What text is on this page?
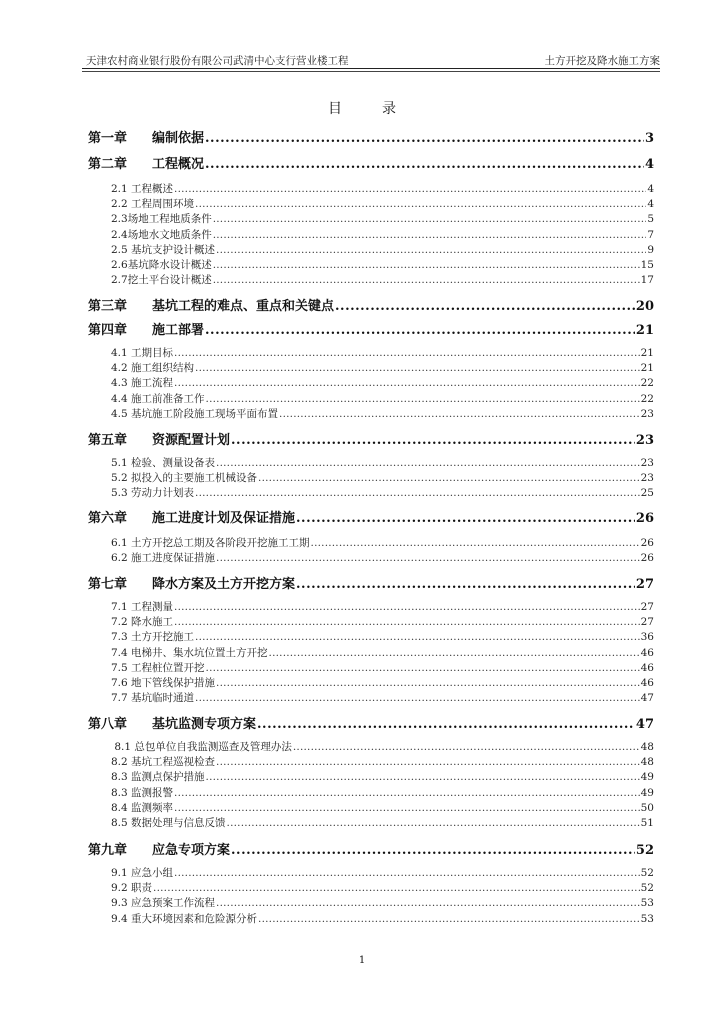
天津农村商业银行股份有限公司武清中心支行营业楼工程	土方开挖及降水施工方案
目录
第一章	编制依据 .....	3
第二章	工程概况 .....	4
2.1 工程概述 .....	4
2.2 工程周围环境 .....	4
2.3场地工程地质条件 .....	5
2.4场地水文地质条件 .....	7
2.5 基坑支护设计概述 .....	9
2.6基坑降水设计概述 .....	15
2.7挖土平台设计概述 .....	17
第三章	基坑工程的难点、重点和关键点 .....	20
第四章	施工部署 .....	21
4.1 工期目标 .....	21
4.2 施工组织结构 .....	21
4.3 施工流程 .....	22
4.4 施工前准备工作 .....	22
4.5 基坑施工阶段施工现场平面布置 .....	23
第五章	资源配置计划 .....	23
5.1 检验、测量设备表 .....	23
5.2 拟投入的主要施工机械设备 .....	23
5.3 劳动力计划表 .....	25
第六章	施工进度计划及保证措施 .....	26
6.1 土方开挖总工期及各阶段开挖施工工期 .....	26
6.2 施工进度保证措施 .....	26
第七章	降水方案及土方开挖方案 .....	27
7.1 工程测量 .....	27
7.2 降水施工 .....	27
7.3 土方开挖施工 .....	36
7.4 电梯井、集水坑位置土方开挖 .....	46
7.5 工程桩位置开挖 .....	46
7.6 地下管线保护措施 .....	46
7.7 基坑临时通道 .....	47
第八章	基坑监测专项方案 .....	47
8.1 总包单位自我监测巡查及管理办法 .....	48
8.2 基坑工程巡视检查 .....	48
8.3 监测点保护措施 .....	49
8.3 监测报警 .....	49
8.4 监测频率 .....	50
8.5 数据处理与信息反馈 .....	51
第九章	应急专项方案 .....	52
9.1 应急小组 .....	52
9.2 职责 .....	52
9.3 应急预案工作流程 .....	53
9.4 重大环境因素和危险源分析 .....	53
1
